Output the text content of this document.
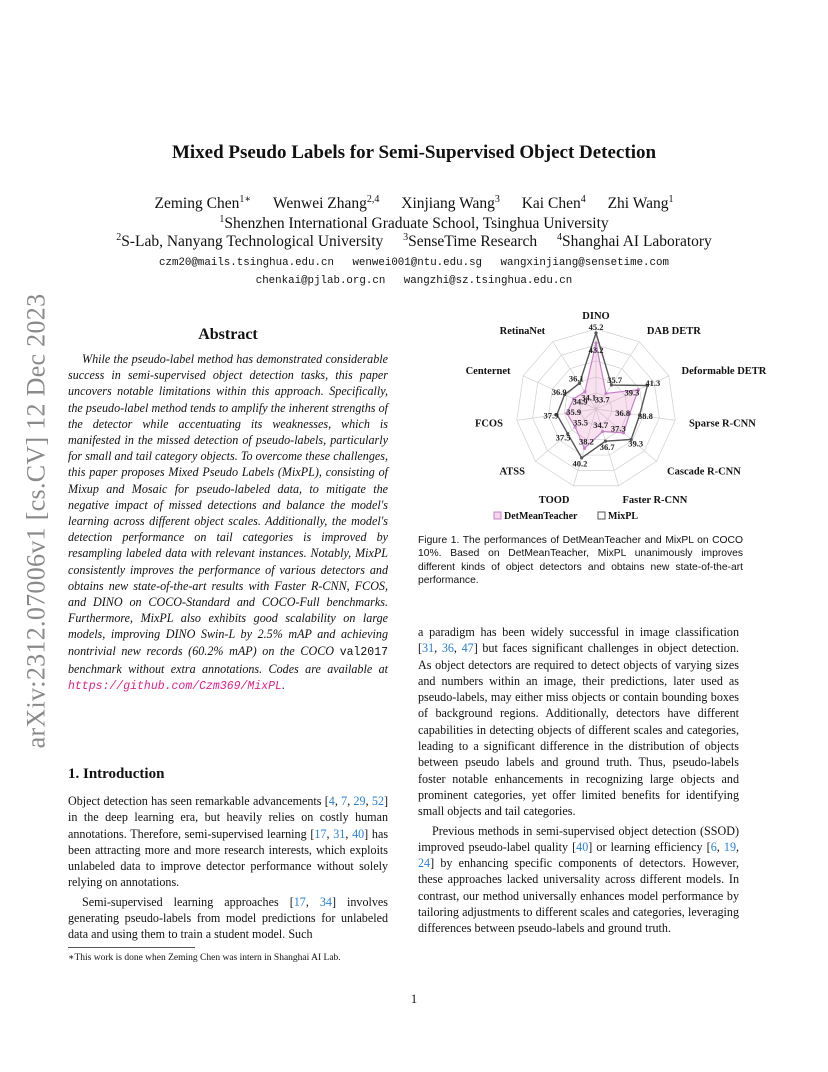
arXiv:2312.07006v1 [cs.CV] 12 Dec 2023
Mixed Pseudo Labels for Semi-Supervised Object Detection
Zeming Chen$^{1∗}$ Wenwei Zhang$^{2,4}$ Xinjiang Wang$^3$ Kai Chen$^4$ Zhi Wang$^1$
$^1$Shenzhen International Graduate School, Tsinghua University
$^2$S-Lab, Nanyang Technological University $^3$SenseTime Research $^4$Shanghai AI Laboratory
czm20@mails.tsinghua.edu.cn wenwei001@ntu.edu.sg wangxinjiang@sensetime.com
chenkai@pjlab.org.cn wangzhi@sz.tsinghua.edu.cn
Abstract
While the pseudo-label method has demonstrated considerable success in semi-supervised object detection tasks, this paper uncovers notable limitations within this approach. Specifically, the pseudo-label method tends to amplify the inherent strengths of the detector while accentuating its weaknesses, which is manifested in the missed detection of pseudo-labels, particularly for small and tail category objects. To overcome these challenges, this paper proposes Mixed Pseudo Labels (MixPL), consisting of Mixup and Mosaic for pseudo-labeled data, to mitigate the negative impact of missed detections and balance the model's learning across different object scales. Additionally, the model's detection performance on tail categories is improved by resampling labeled data with relevant instances. Notably, MixPL consistently improves the performance of various detectors and obtains new state-of-the-art results with Faster R-CNN, FCOS, and DINO on COCO-Standard and COCO-Full benchmarks. Furthermore, MixPL also exhibits good scalability on large models, improving DINO Swin-L by 2.5% mAP and achieving nontrivial new records (60.2% mAP) on the COCO val2017 benchmark without extra annotations. Codes are available at https://github.com/Czm369/MixPL.
1. Introduction

Object detection has seen remarkable advancements [4, 7, 29, 52] in the deep learning era, but heavily relies on costly human annotations. Therefore, semi-supervised learning [17, 31, 40] has been attracting more and more research interests, which exploits unlabeled data to improve detector performance without solely relying on annotations.

Semi-supervised learning approaches [17, 34] involves generating pseudo-labels from model predictions for unlabeled data and using them to train a student model. Such

∗This work is done when Zeming Chen was intern in Shanghai AI Lab.
1
43.2
33.7
39.3
36.8
37.3
34.7
38.2
35.5
35.9
34.9
34.1
45.2
35.7	41.3
38.8
39.3
36.7
40.2
37.5
37.9
36.9
36.1
DINO
DAB DETR
Deformable DETR
Sparse R-CNN
Cascade R-CNN
Faster R-CNN
TOOD
ATSS
FCOS
Centernet
RetinaNet
DetMeanTeacher	MixPL
Figure 1. The performances of DetMeanTeacher and MixPL on COCO 10%. Based on DetMeanTeacher, MixPL unanimously improves different kinds of object detectors and obtains new state-of-the-art performance.

a paradigm has been widely successful in image classification [31, 36, 47] but faces significant challenges in object detection. As object detectors are required to detect objects of varying sizes and numbers within an image, their predictions, later used as pseudo-labels, may either miss objects or contain bounding boxes of background regions. Additionally, detectors have different capabilities in detecting objects of different scales and categories, leading to a significant difference in the distribution of objects between pseudo labels and ground truth. Thus, pseudo-labels foster notable enhancements in recognizing large objects and prominent categories, yet offer limited benefits for identifying small objects and tail categories.

Previous methods in semi-supervised object detection (SSOD) improved pseudo-label quality [40] or learning efficiency [6, 19, 24] by enhancing specific components of detectors. However, these approaches lacked universality across different models. In contrast, our method universally enhances model performance by tailoring adjustments to different scales and categories, leveraging differences between pseudo-labels and ground truth.
